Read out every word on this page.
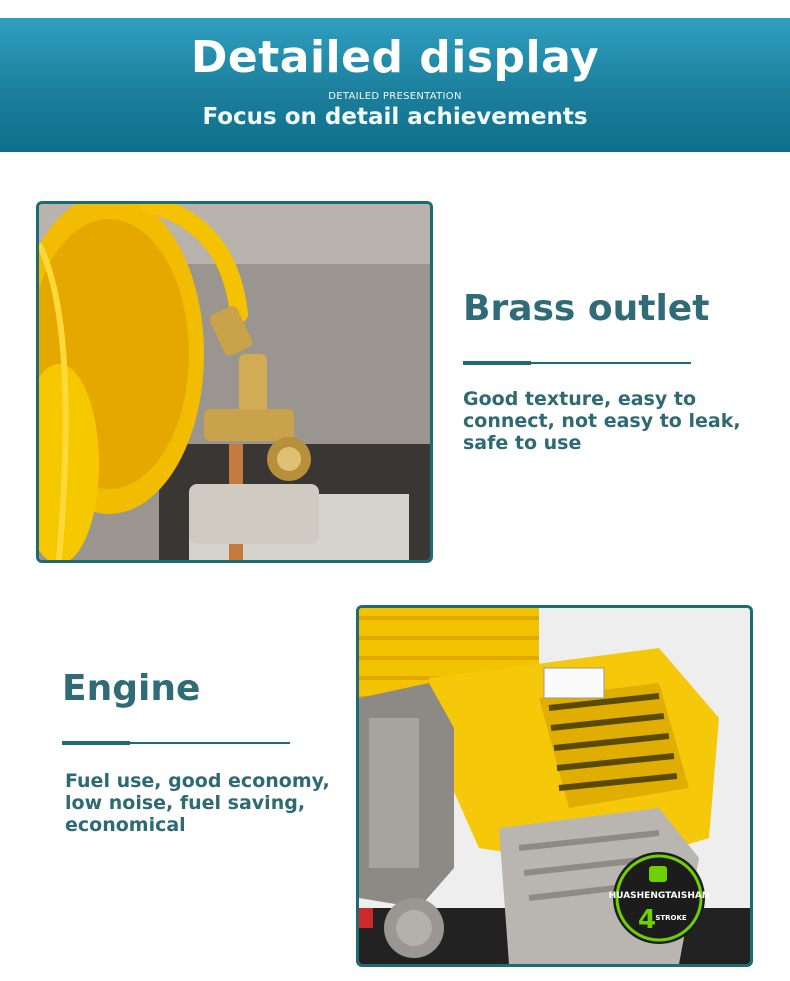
Detailed display
DETAILED PRESENTATION
Focus on detail achievements
Brass outlet

Good texture, easy to connect, not easy to leak, safe to use

Engine

Fuel use, good economy, low noise, fuel saving, economical

HUASHENGTAISHAN
4 STROKE
